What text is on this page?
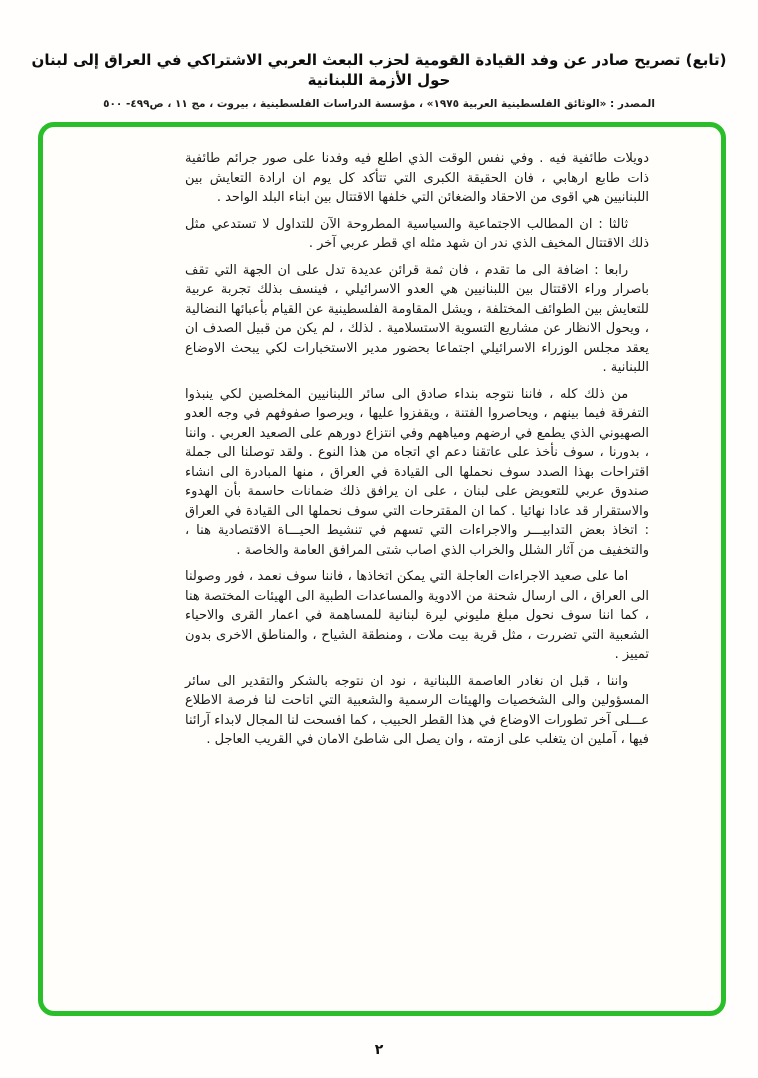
(تابع) تصريح صادر عن وفد القيادة القومية لحزب البعث العربي الاشتراكي في العراق إلى لبنان حول الأزمة اللبنانية
المصدر : «الوثائق الفلسطينية العربية ١٩٧٥» ، مؤسسة الدراسات الفلسطينية ، بيروت ، مج ١١ ، ص٤٩٩- ٥٠٠

دويلات طائفية فيه . وفي نفس الوقت الذي اطلع فيه وفدنا على صور جرائم طائفية ذات طابع ارهابي ، فان الحقيقة الكبرى التي تتأكد كل يوم ان ارادة التعايش بين اللبنانيين هي اقوى من الاحقاد والضغائن التي خلفها الاقتتال بين ابناء البلد الواحد .

ثالثا : ان المطالب الاجتماعية والسياسية المطروحة الآن للتداول لا تستدعي مثل ذلك الاقتتال المخيف الذي ندر ان شهد مثله اي قطر عربي آخر .

رابعا : اضافة الى ما تقدم ، فان ثمة قرائن عديدة تدل على ان الجهة التي تقف باصرار وراء الاقتتال بين اللبنانيين هي العدو الاسرائيلي ، فينسف بذلك تجربة عربية للتعايش بين الطوائف المختلفة ، ويشل المقاومة الفلسطينية عن القيام بأعبائها النضالية ، ويحول الانظار عن مشاريع التسوية الاستسلامية . لذلك ، لم يكن من قبيل الصدف ان يعقد مجلس الوزراء الاسرائيلي اجتماعا بحضور مدير الاستخبارات لكي يبحث الاوضاع اللبنانية .

من ذلك كله ، فاننا نتوجه بنداء صادق الى سائر اللبنانيين المخلصين لكي ينبذوا التفرقة فيما بينهم ، ويحاصروا الفتنة ، ويقفزوا عليها ، ويرصوا صفوفهم في وجه العدو الصهيوني الذي يطمع في ارضهم ومياههم وفي انتزاع دورهم على الصعيد العربي . واننا ، بدورنا ، سوف نأخذ على عاتقنا دعم اي اتجاه من هذا النوع . ولقد توصلنا الى جملة اقتراحات بهذا الصدد سوف نحملها الى القيادة في العراق ، منها المبادرة الى انشاء صندوق عربي للتعويض على لبنان ، على ان يرافق ذلك ضمانات حاسمة بأن الهدوء والاستقرار قد عادا نهائيا . كما ان المقترحات التي سوف نحملها الى القيادة في العراق : اتخاذ بعض التدابيـــر والاجراءات التي تسهم في تنشيط الحيـــاة الاقتصادية هنا ، والتخفيف من آثار الشلل والخراب الذي اصاب شتى المرافق العامة والخاصة .

اما على صعيد الاجراءات العاجلة التي يمكن اتخاذها ، فاننا سوف نعمد ، فور وصولنا الى العراق ، الى ارسال شحنة من الادوية والمساعدات الطبية الى الهيئات المختصة هنا ، كما اننا سوف نحول مبلغ مليوني ليرة لبنانية للمساهمة في اعمار القرى والاحياء الشعبية التي تضررت ، مثل قرية بيت ملات ، ومنطقة الشياح ، والمناطق الاخرى بدون تمييز .

واننا ، قبل ان نغادر العاصمة اللبنانية ، نود ان نتوجه بالشكر والتقدير الى سائر المسؤولين والى الشخصيات والهيئات الرسمية والشعبية التي اتاحت لنا فرصة الاطلاع عـــلى آخر تطورات الاوضاع في هذا القطر الحبيب ، كما افسحت لنا المجال لابداء آرائنا فيها ، آملين ان يتغلب على ازمته ، وان يصل الى شاطئ الامان في القريب العاجل .

٢
